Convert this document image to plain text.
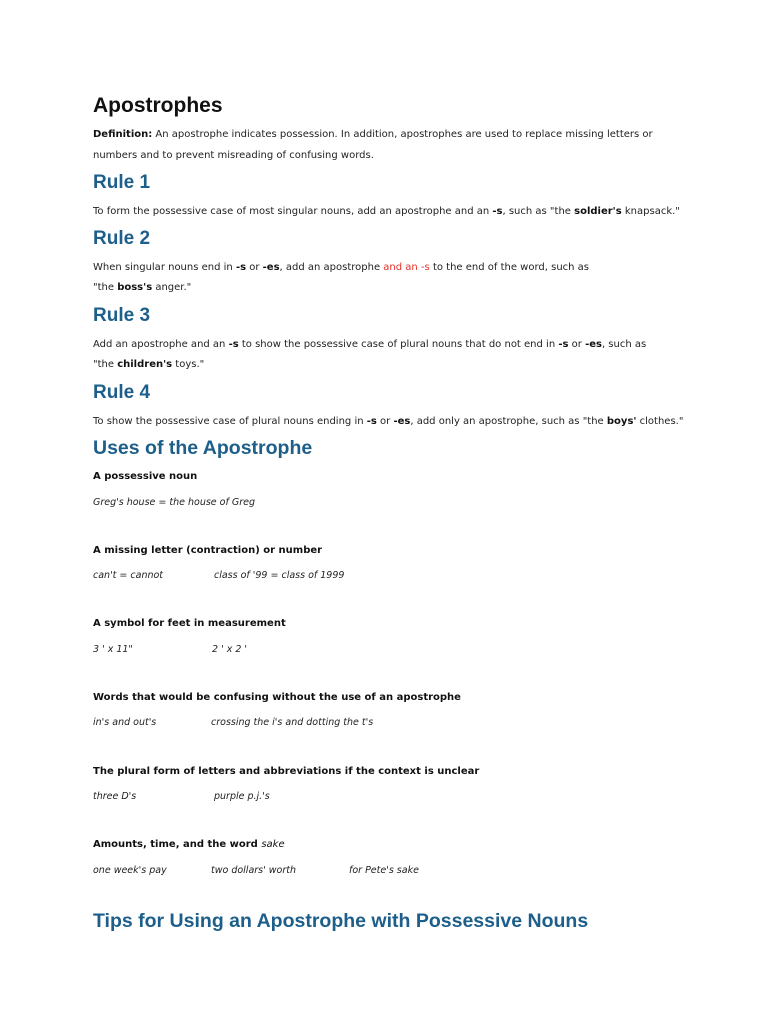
Apostrophes
Definition: An apostrophe indicates possession. In addition, apostrophes are used to replace missing letters or
numbers and to prevent misreading of confusing words.
Rule 1
To form the possessive case of most singular nouns, add an apostrophe and an -s, such as "the soldier's knapsack."
Rule 2
When singular nouns end in -s or -es, add an apostrophe and an -s to the end of the word, such as
"the boss's anger."
Rule 3
Add an apostrophe and an -s to show the possessive case of plural nouns that do not end in -s or -es, such as
"the children's toys."
Rule 4
To show the possessive case of plural nouns ending in -s or -es, add only an apostrophe, such as "the boys' clothes."
Uses of the Apostrophe
A possessive noun
Greg's house = the house of Greg
A missing letter (contraction) or number
can't = cannot	class of '99 = class of 1999
A symbol for feet in measurement
3 ' x 11"	2 ' x 2 '
Words that would be confusing without the use of an apostrophe
in's and out's	crossing the i's and dotting the t's
The plural form of letters and abbreviations if the context is unclear
three D's	purple p.j.'s
Amounts, time, and the word sake
one week's pay	two dollars' worth	for Pete's sake
Tips for Using an Apostrophe with Possessive Nouns
